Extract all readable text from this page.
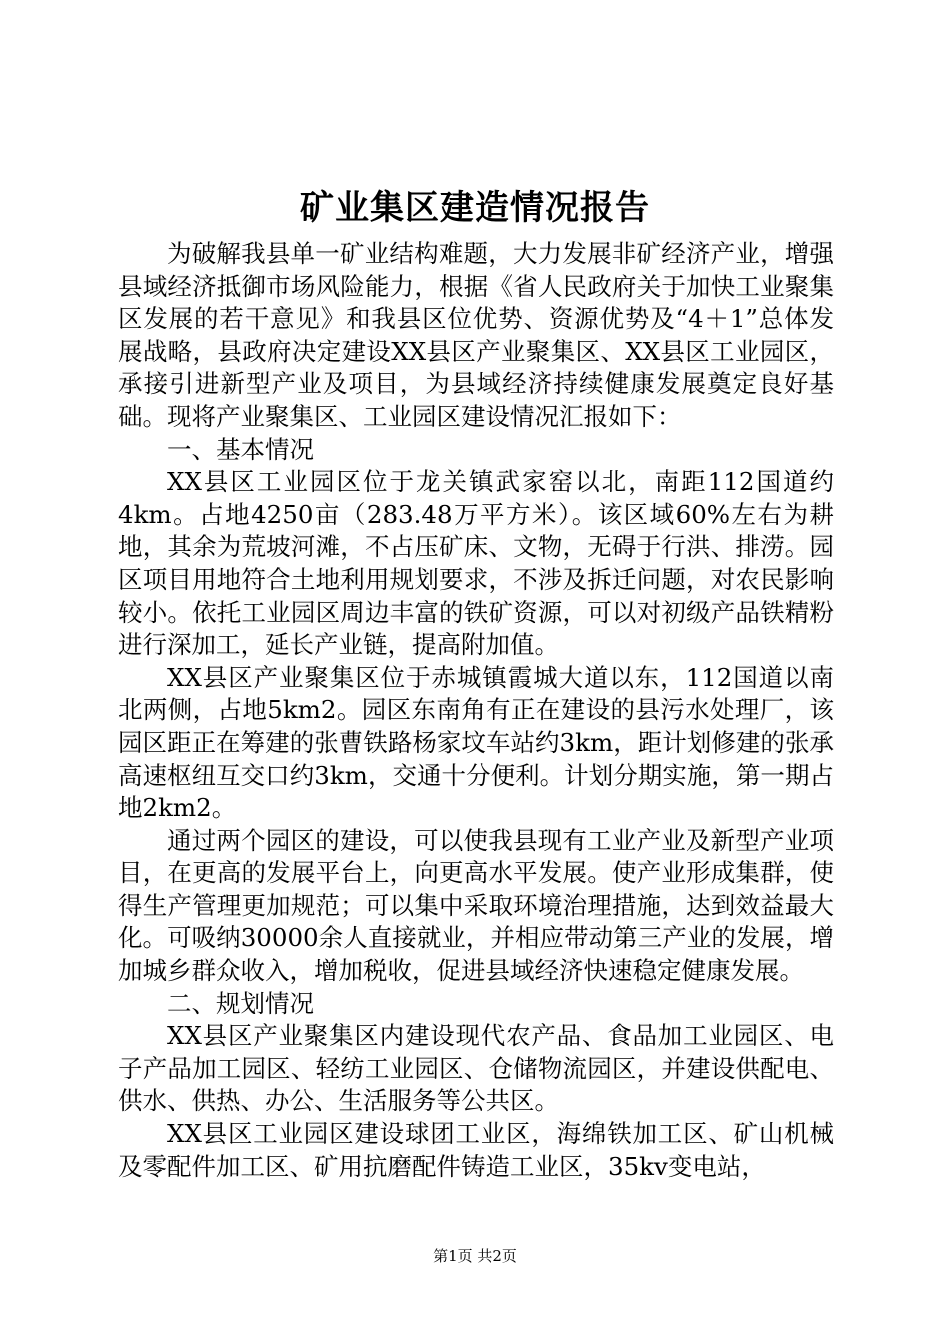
矿业集区建造情况报告

为破解我县单一矿业结构难题，大力发展非矿经济产业，增强县域经济抵御市场风险能力，根据《省人民政府关于加快工业聚集区发展的若干意见》和我县区位优势、资源优势及“4＋1”总体发展战略，县政府决定建设XX县区产业聚集区、XX县区工业园区，承接引进新型产业及项目，为县域经济持续健康发展奠定良好基础。现将产业聚集区、工业园区建设情况汇报如下：

一、基本情况

XX县区工业园区位于龙关镇武家窑以北，南距112国道约4km。占地4250亩（283.48万平方米）。该区域60%左右为耕地，其余为荒坡河滩，不占压矿床、文物，无碍于行洪、排涝。园区项目用地符合土地利用规划要求，不涉及拆迁问题，对农民影响较小。依托工业园区周边丰富的铁矿资源，可以对初级产品铁精粉进行深加工，延长产业链，提高附加值。

XX县区产业聚集区位于赤城镇霞城大道以东，112国道以南北两侧，占地5km2。园区东南角有正在建设的县污水处理厂，该园区距正在筹建的张曹铁路杨家坟车站约3km，距计划修建的张承高速枢纽互交口约3km，交通十分便利。计划分期实施，第一期占地2km2。

通过两个园区的建设，可以使我县现有工业产业及新型产业项目，在更高的发展平台上，向更高水平发展。使产业形成集群，使得生产管理更加规范；可以集中采取环境治理措施，达到效益最大化。可吸纳30000余人直接就业，并相应带动第三产业的发展，增加城乡群众收入，增加税收，促进县域经济快速稳定健康发展。

二、规划情况

XX县区产业聚集区内建设现代农产品、食品加工业园区、电子产品加工园区、轻纺工业园区、仓储物流园区，并建设供配电、供水、供热、办公、生活服务等公共区。

XX县区工业园区建设球团工业区，海绵铁加工区、矿山机械及零配件加工区、矿用抗磨配件铸造工业区，35kv变电站，

第1页 共2页
